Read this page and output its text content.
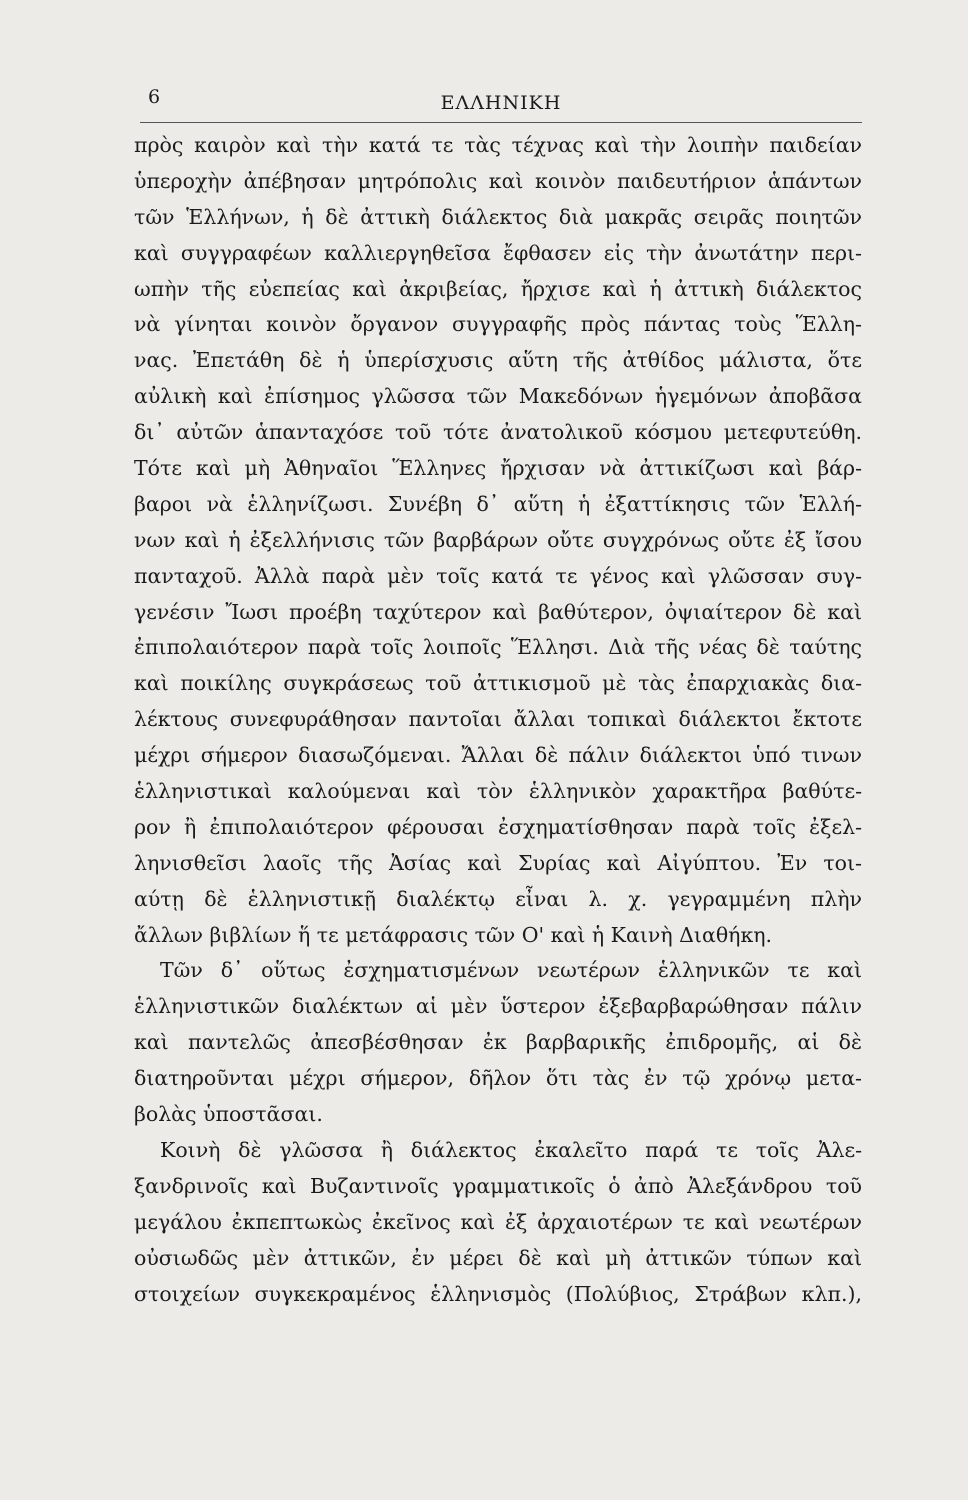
6	ΕΛΛΗΝΙΚΗ
πρὸς καιρὸν καὶ τὴν κατά τε τὰς τέχνας καὶ τὴν λοιπὴν παιδείαν
ὑπεροχὴν ἀπέβησαν μητρόπολις καὶ κοινὸν παιδευτήριον ἁπάντων
τῶν Ἑλλήνων, ἡ δὲ ἀττικὴ διάλεκτος διὰ μακρᾶς σειρᾶς ποιητῶν
καὶ συγγραφέων καλλιεργηθεῖσα ἔφθασεν εἰς τὴν ἀνωτάτην περι-
ωπὴν τῆς εὐεπείας καὶ ἀκριβείας, ἤρχισε καὶ ἡ ἀττικὴ διάλεκτος
νὰ γίνηται κοινὸν ὄργανον συγγραφῆς πρὸς πάντας τοὺς Ἕλλη-
νας. Ἐπετάθη δὲ ἡ ὑπερίσχυσις αὕτη τῆς ἀτθίδος μάλιστα, ὅτε
αὐλικὴ καὶ ἐπίσημος γλῶσσα τῶν Μακεδόνων ἡγεμόνων ἀποβᾶσα
δι᾽ αὐτῶν ἁπανταχόσε τοῦ τότε ἀνατολικοῦ κόσμου μετεφυτεύθη.
Τότε καὶ μὴ Ἀθηναῖοι Ἕλληνες ἤρχισαν νὰ ἀττικίζωσι καὶ βάρ-
βαροι νὰ ἑλληνίζωσι. Συνέβη δ᾽ αὕτη ἡ ἐξαττίκησις τῶν Ἑλλή-
νων καὶ ἡ ἐξελλήνισις τῶν βαρβάρων οὔτε συγχρόνως οὔτε ἐξ ἴσου
πανταχοῦ. Ἀλλὰ παρὰ μὲν τοῖς κατά τε γένος καὶ γλῶσσαν συγ-
γενέσιν Ἴωσι προέβη ταχύτερον καὶ βαθύτερον, ὀψιαίτερον δὲ καὶ
ἐπιπολαιότερον παρὰ τοῖς λοιποῖς Ἕλλησι. Διὰ τῆς νέας δὲ ταύτης
καὶ ποικίλης συγκράσεως τοῦ ἀττικισμοῦ μὲ τὰς ἐπαρχιακὰς δια-
λέκτους συνεφυράθησαν παντοῖαι ἄλλαι τοπικαὶ διάλεκτοι ἔκτοτε
μέχρι σήμερον διασωζόμεναι. Ἄλλαι δὲ πάλιν διάλεκτοι ὑπό τινων
ἑλληνιστικαὶ καλούμεναι καὶ τὸν ἑλληνικὸν χαρακτῆρα βαθύτε-
ρον ἢ ἐπιπολαιότερον φέρουσαι ἐσχηματίσθησαν παρὰ τοῖς ἐξελ-
ληνισθεῖσι λαοῖς τῆς Ἀσίας καὶ Συρίας καὶ Αἰγύπτου. Ἐν τοι-
αύτῃ δὲ ἑλληνιστικῇ διαλέκτῳ εἶναι λ. χ. γεγραμμένη πλὴν
ἄλλων βιβλίων ἥ τε μετάφρασις τῶν Ο' καὶ ἡ Καινὴ Διαθήκη.
Τῶν δ᾽ οὕτως ἐσχηματισμένων νεωτέρων ἑλληνικῶν τε καὶ
ἑλληνιστικῶν διαλέκτων αἱ μὲν ὕστερον ἐξεβαρβαρώθησαν πάλιν
καὶ παντελῶς ἀπεσβέσθησαν ἐκ βαρβαρικῆς ἐπιδρομῆς, αἱ δὲ
διατηροῦνται μέχρι σήμερον, δῆλον ὅτι τὰς ἐν τῷ χρόνῳ μετα-
βολὰς ὑποστᾶσαι.
Κοινὴ δὲ γλῶσσα ἢ διάλεκτος ἐκαλεῖτο παρά τε τοῖς Ἀλε-
ξανδρινοῖς καὶ Βυζαντινοῖς γραμματικοῖς ὁ ἀπὸ Ἀλεξάνδρου τοῦ
μεγάλου ἐκπεπτωκὼς ἐκεῖνος καὶ ἐξ ἀρχαιοτέρων τε καὶ νεωτέρων
οὐσιωδῶς μὲν ἀττικῶν, ἐν μέρει δὲ καὶ μὴ ἀττικῶν τύπων καὶ
στοιχείων συγκεκραμένος ἑλληνισμὸς (Πολύβιος, Στράβων κλπ.),
